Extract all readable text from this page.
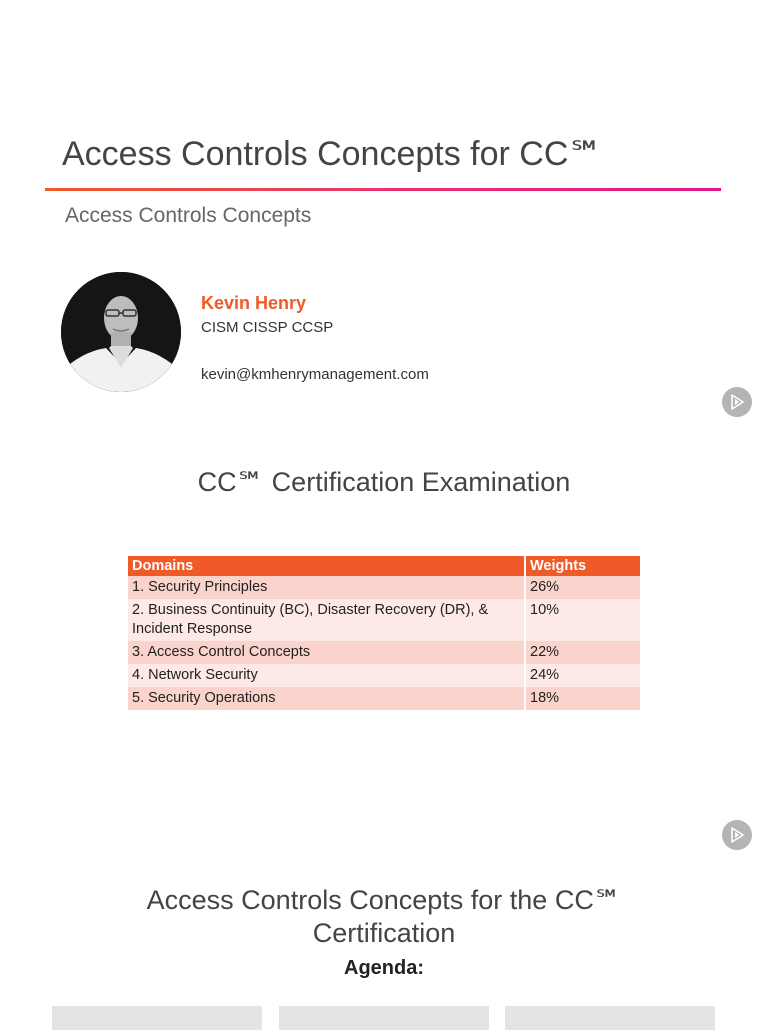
Access Controls Concepts for CC℠
Access Controls Concepts
Kevin Henry
CISM CISSP CCSP
kevin@kmhenrymanagement.com
CC℠ Certification Examination
Domains	Weights
1. Security Principles	26%
2. Business Continuity (BC), Disaster Recovery (DR), & Incident Response	10%
3. Access Control Concepts	22%
4. Network Security	24%
5. Security Operations	18%
Access Controls Concepts for the CC℠ Certification
Agenda:
